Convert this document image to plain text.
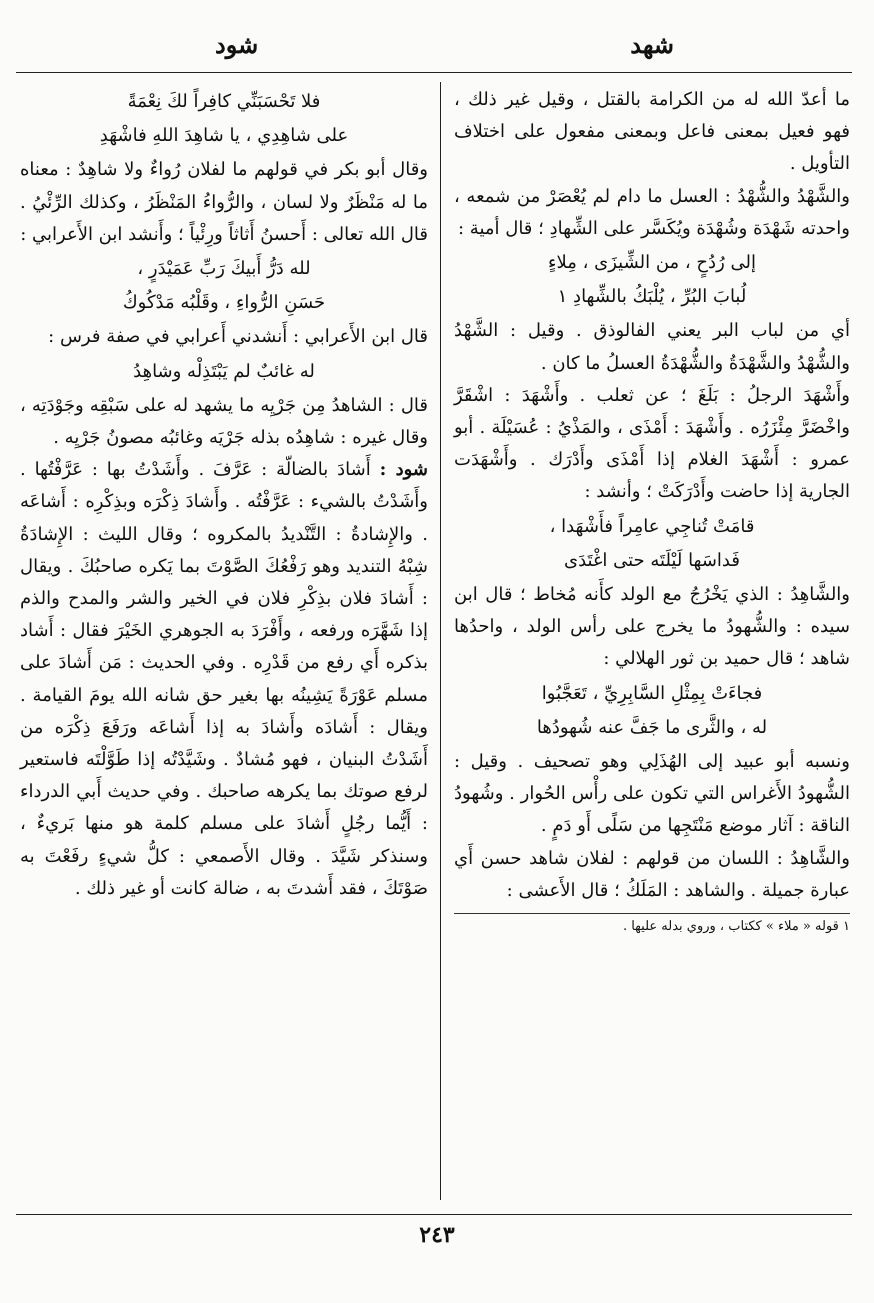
شهد
شود

ما أعدّ الله له من الكرامة بالقتل ، وقيل غير ذلك ، فهو فعيل بمعنى فاعل وبمعنى مفعول على اختلاف التأويل .

والشَّهْدُ والشُّهْدُ : العسل ما دام لم يُعْصَرْ من شمعه ، واحدته شَهْدَة وشُهْدَة ويُكَسَّر على الشِّهادِ ؛ قال أمية :

إلى رُدُحٍ ، من الشِّيزَى ، مِلاءٍ

لُبابَ البُرِّ ، يُلْبَكُ بالشِّهادِ ١

أي من لباب البر يعني الفالوذق . وقيل : الشَّهْدُ والشُّهْدُ والشَّهْدَةُ والشُّهْدَةُ العسلُ ما كان .

وأَشْهَدَ الرجلُ : بَلَغَ ؛ عن ثعلب . وأَشْهَدَ : اشْقَرَّ واخْضَرَّ مِئْزَرُه . وأَشْهَدَ : أَمْذَى ، والمَذْيُ : عُسَيْلَة . أبو عمرو : أَشْهَدَ الغلام إذا أَمْذَى وأَدْرَك . وأَشْهَدَت الجارية إذا حاضت وأَدْرَكَتْ ؛ وأنشد :

قامَتْ تُناجِي عامِراً فأَشْهَدا ،

فَداسَها لَيْلَتَه حتى اغْتَدَى

والشَّاهِدُ : الذي يَخْرُجُ مع الولد كأَنه مُخاط ؛ قال ابن سيده : والشُّهودُ ما يخرج على رأس الولد ، واحدُها شاهد ؛ قال حميد بن ثور الهلالي :

فجاءَتْ بِمِثْلِ السَّابِرِيِّ ، تَعَجَّبُوا

له ، والثَّرى ما جَفَّ عنه شُهودُها

ونسبه أبو عبيد إلى الهُذَلِي وهو تصحيف . وقيل : الشُّهودُ الأَغراس التي تكون على رأْس الحُوار . وشُهودُ الناقة : آثار موضع مَنْتَجِها من سَلًى أَو دَمٍ .

والشَّاهِدُ : اللسان من قولهم : لفلان شاهد حسن أَي عبارة جميلة . والشاهد : المَلَكُ ؛ قال الأَعشى :

١ قوله « ملاء » ككتاب ، وروي بدله عليها .

فلا تَحْسَبَنِّي كافِراً لكَ نِعْمَةً

على شاهِدِي ، يا شاهِدَ اللهِ فاشْهَدِ

وقال أبو بكر في قولهم ما لفلان رُواءٌ ولا شاهِدٌ : معناه ما له مَنْظَرٌ ولا لسان ، والرُّواءُ المَنْظَرُ ، وكذلك الرِّئْيُ . قال الله تعالى : أَحسنُ أَثاثاً ورِئْياً ؛ وأَنشد ابن الأَعرابي :

لله دَرُّ أَبيكَ رَبِّ عَمَيْدَرٍ ،

حَسَنِ الرُّواءِ ، وقَلْبُه مَدْكُوكُ

قال ابن الأَعرابي : أَنشدني أَعرابي في صفة فرس :

له غائبٌ لم يَبْتَذِلْه وشاهِدُ

قال : الشاهدُ مِن جَرْيِه ما يشهد له على سَبْقِه وجَوْدَتِه ، وقال غيره : شاهِدُه بذله جَرْيَه وغائبُه مصونُ جَرْيِه .

شود : أَشادَ بالضالّة : عَرَّفَ . وأَشَدْتُ بها : عَرَّفْتُها . وأَشَدْتُ بالشيء : عَرَّفْتُه . وأَشادَ ذِكْرَه وبذِكْرِه : أَشاعَه . والإِشادةُ : التَّنْديدُ بالمكروه ؛ وقال الليث : الإِشادَةُ شِبْهُ التنديد وهو رَفْعُكَ الصَّوْتَ بما يَكره صاحبُكَ . ويقال : أَشادَ فلان بذِكْرِ فلان في الخير والشر والمدح والذم إذا شَهَّرَه ورفعه ، وأَفْرَدَ به الجوهري الخَيْرَ فقال : أَشاد بذكره أَي رفع من قَدْرِه . وفي الحديث : مَن أَشادَ على مسلم عَوْرَةً يَشِينُه بها بغير حق شانه الله يومَ القيامة . ويقال : أَشادَه وأَشادَ به إذا أَشاعَه ورَفَعَ ذِكْرَه من أَشَدْتُ البنيان ، فهو مُشادٌ . وشَيَّدْتُه إذا طَوَّلْتَه فاستعير لرفع صوتك بما يكرهه صاحبك . وفي حديث أَبي الدرداء : أَيُّما رجُلٍ أَشادَ على مسلم كلمة هو منها بَريءٌ ، وسنذكر شَيَّدَ . وقال الأَصمعي : كلُّ شيءٍ رفَعْتَ به صَوْتَكَ ، فقد أَشدتَ به ، ضالة كانت أو غير ذلك .

٢٤٣
